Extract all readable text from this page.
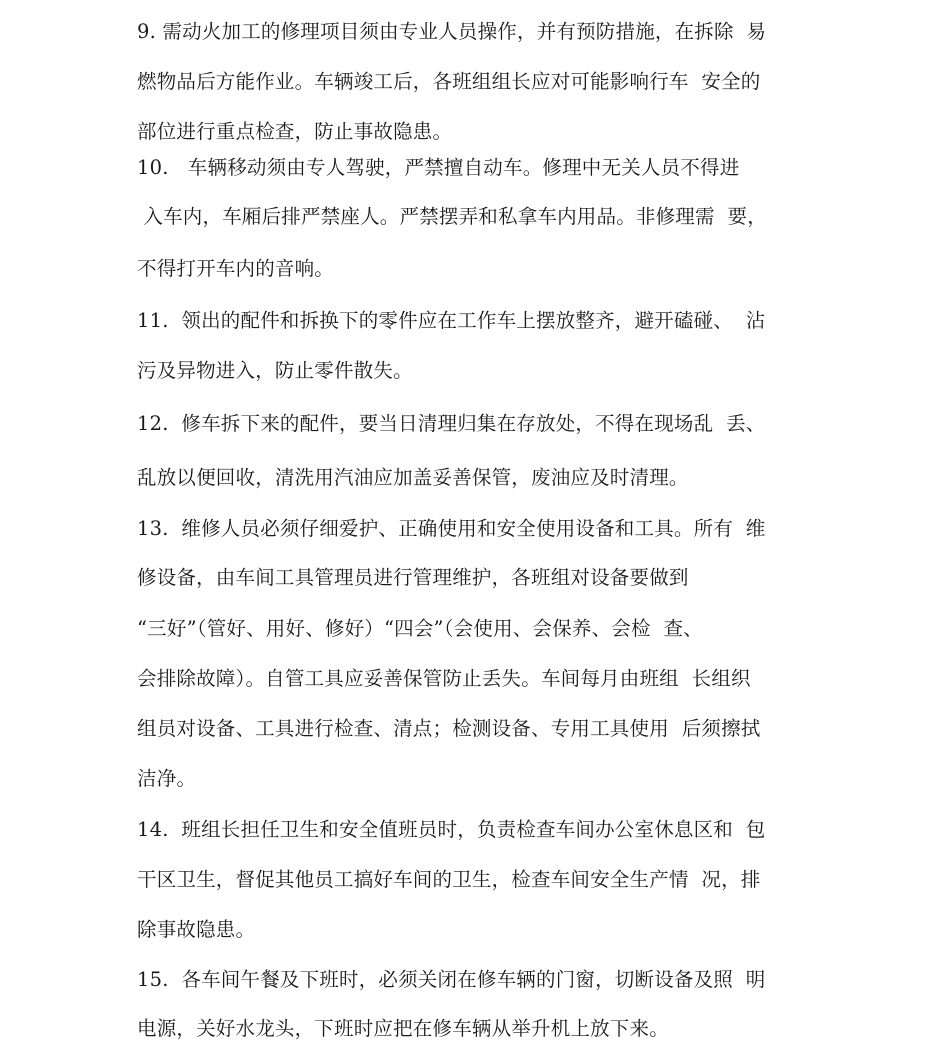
9. 需动火加工的修理项目须由专业人员操作，并有预防措施，在拆除  易
燃物品后方能作业。车辆竣工后，各班组组长应对可能影响行车  安全的
部位进行重点检查，防止事故隐患。
10.   车辆移动须由专人驾驶，严禁擅自动车。修理中无关人员不得进
入车内，车厢后排严禁座人。严禁摆弄和私拿车内用品。非修理需  要，
不得打开车内的音响。
11.  领出的配件和拆换下的零件应在工作车上摆放整齐，避开磕碰、  沾
污及异物进入，防止零件散失。
12.  修车拆下来的配件，要当日清理归集在存放处，不得在现场乱  丢、
乱放以便回收，清洗用汽油应加盖妥善保管，废油应及时清理。
13.  维修人员必须仔细爱护、正确使用和安全使用设备和工具。所有  维
修设备，由车间工具管理员进行管理维护，各班组对设备要做到
“三好”（管好、用好、修好）“四会”（会使用、会保养、会检  查、
会排除故障）。自管工具应妥善保管防止丢失。车间每月由班组  长组织
组员对设备、工具进行检查、清点；检测设备、专用工具使用  后须擦拭
洁净。
14.  班组长担任卫生和安全值班员时，负责检查车间办公室休息区和  包
干区卫生，督促其他员工搞好车间的卫生，检查车间安全生产情  况，排
除事故隐患。
15.  各车间午餐及下班时，必须关闭在修车辆的门窗，切断设备及照  明
电源，关好水龙头，下班时应把在修车辆从举升机上放下来。
